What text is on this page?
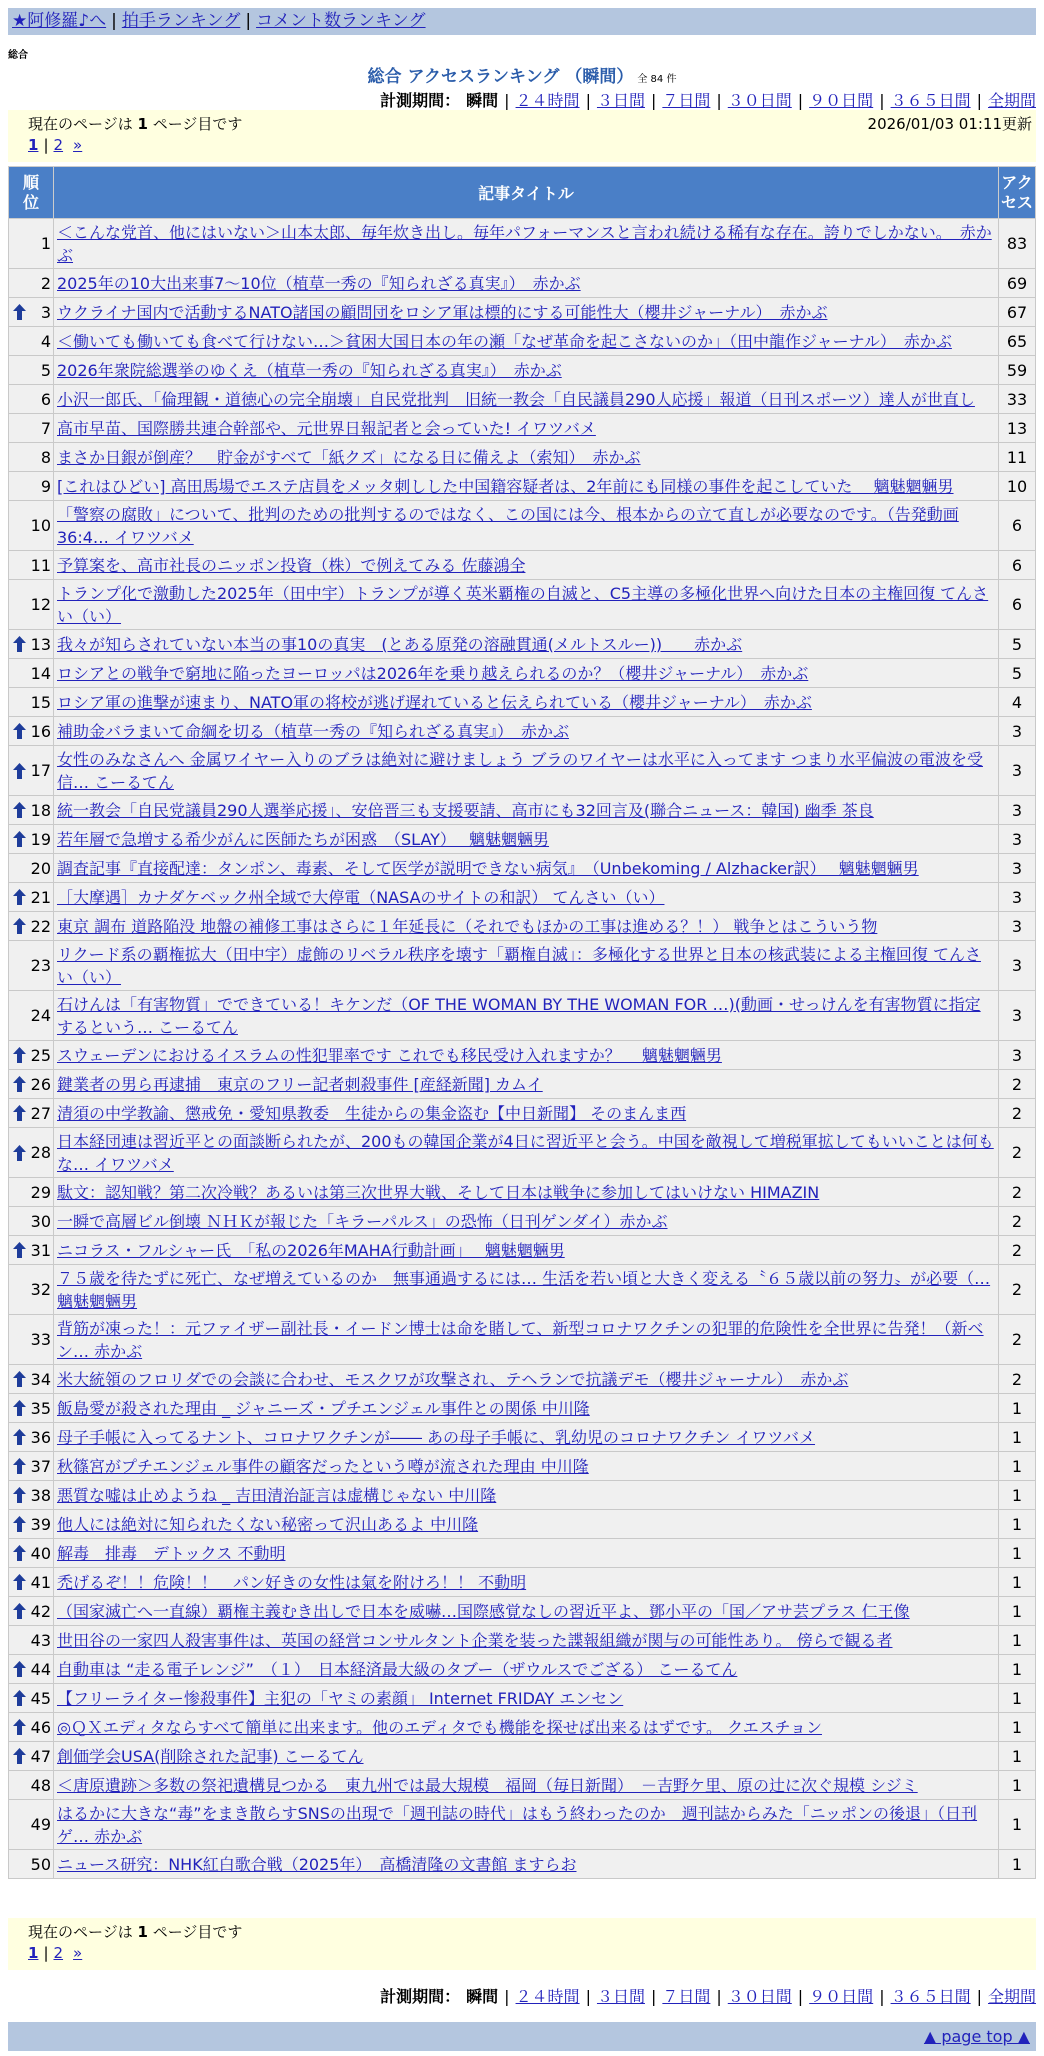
★阿修羅♪へ | 拍手ランキング | コメント数ランキング
総合
総合 アクセスランキング （瞬間） 全 84 件
計測期間： 瞬間 | ２４時間 | ３日間 | ７日間 | ３０日間 | ９０日間 | ３６５日間 | 全期間
現在のページは 1 ページ目です	2026/01/03 01:11更新
1 | 2 »
順位	記事タイトル	アクセス

1	＜こんな党首、他にはいない＞山本太郎、毎年炊き出し。毎年パフォーマンスと言われ続ける稀有な存在。誇りでしかない。　赤かぶ	83
2	2025年の10大出来事7～10位（植草一秀の『知られざる真実』）　赤かぶ	69

3	ウクライナ国内で活動するNATO諸国の顧問団をロシア軍は標的にする可能性大（櫻井ジャーナル）　赤かぶ	67
4	＜働いても働いても食べて行けない…＞貧困大国日本の年の瀬「なぜ革命を起こさないのか」（田中龍作ジャーナル）　赤かぶ	65
5	2026年衆院総選挙のゆくえ（植草一秀の『知られざる真実』）　赤かぶ	59
6	小沢一郎氏、「倫理観・道徳心の完全崩壊」自民党批判　旧統一教会「自民議員290人応援」報道（日刊スポーツ）達人が世直し	33
7	高市早苗、国際勝共連合幹部や、元世界日報記者と会っていた! イワツバメ	13
8	まさか日銀が倒産？　貯金がすべて「紙クズ」になる日に備えよ（索知）　赤かぶ	11
9	[これはひどい] 高田馬場でエステ店員をメッタ刺しした中国籍容疑者は、2年前にも同様の事件を起こしていた　 魑魅魍魎男	10
10	「警察の腐敗」について、批判のための批判するのではなく、この国には今、根本からの立て直しが必要なのです。（告発動画36:4… イワツバメ	6
11	予算案を、高市社長のニッポン投資（株）で例えてみる 佐藤鴻全	6
12	トランプ化で激動した2025年（田中宇）トランプが導く英米覇権の自滅と、C5主導の多極化世界へ向けた日本の主権回復 てんさい（い）	6

13	我々が知らされていない本当の事10の真実　(とある原発の溶融貫通(メルトスルー))　　赤かぶ	5
14	ロシアとの戦争で窮地に陥ったヨーロッパは2026年を乗り越えられるのか？（櫻井ジャーナル）　赤かぶ	5
15	ロシア軍の進撃が速まり、NATO軍の将校が逃げ遅れていると伝えられている（櫻井ジャーナル）　赤かぶ	4

16	補助金バラまいて命綱を切る（植草一秀の『知られざる真実』）　赤かぶ	3

17	女性のみなさんへ 金属ワイヤー入りのブラは絶対に避けましょう ブラのワイヤーは水平に入ってます つまり水平偏波の電波を受信… こーるてん	3

18	統一教会「自民党議員290人選挙応援」、安倍晋三も支援要請、高市にも32回言及(聯合ニュース：韓国) 幽季 茶良	3

19	若年層で急増する希少がんに医師たちが困惑　（SLAY）　 魑魅魍魎男	3
20	調査記事『直接配達：タンポン、毒素、そして医学が説明できない病気』　（Unbekoming / Alzhacker訳）　 魑魅魍魎男	3

21	［大摩遇］カナダケベック州全域で大停電（NASAのサイトの和訳） てんさい（い）	3

22	東京 調布 道路陥没 地盤の補修工事はさらに１年延長に（それでもほかの工事は進める？！） 戦争とはこういう物	3
23	リクード系の覇権拡大（田中宇）虚飾のリベラル秩序を壊す「覇権自滅」：多極化する世界と日本の核武装による主権回復 てんさい（い）	3
24	石けんは「有害物質」でできている！キケンだ（OF THE WOMAN BY THE WOMAN FOR …)(動画・せっけんを有害物質に指定するという… こーるてん	3

25	スウェーデンにおけるイスラムの性犯罪率です これでも移民受け入れますか？　 魑魅魍魎男	3

26	鍵業者の男ら再逮捕　東京のフリー記者刺殺事件 [産経新聞] カムイ	2

27	清須の中学教諭、懲戒免・愛知県教委　生徒からの集金盗む【中日新聞】 そのまんま西	2

28	日本経団連は習近平との面談断られたが、200もの韓国企業が4日に習近平と会う。中国を敵視して増税軍拡してもいいことは何もな… イワツバメ	2
29	駄文：認知戦？第二次冷戦？あるいは第三次世界大戦、そして日本は戦争に参加してはいけない HIMAZIN	2
30	一瞬で高層ビル倒壊 ＮＨＫが報じた「キラーパルス」の恐怖（日刊ゲンダイ）赤かぶ	2

31	ニコラス・フルシャー氏　「私の2026年MAHA行動計画」　 魑魅魍魎男	2
32	７５歳を待たずに死亡、なぜ増えているのか　無事通過するには… 生活を若い頃と大きく変える〝６５歳以前の努力〟が必要（… 魑魅魍魎男	2
33	背筋が凍った！：元ファイザー副社長・イードン博士は命を賭して、新型コロナワクチンの犯罪的危険性を全世界に告発！（新ベン… 赤かぶ	2

34	米大統領のフロリダでの会談に合わせ、モスクワが攻撃され、テヘランで抗議デモ（櫻井ジャーナル）　赤かぶ	2

35	飯島愛が殺された理由 _ ジャニーズ・プチエンジェル事件との関係 中川隆	1

36	母子手帳に入ってるナント、コロナワクチンが―― あの母子手帳に、乳幼児のコロナワクチン イワツバメ	1

37	秋篠宮がプチエンジェル事件の顧客だったという噂が流された理由 中川隆	1

38	悪質な嘘は止めようね _ 吉田清治証言は虚構じゃない 中川隆	1

39	他人には絶対に知られたくない秘密って沢山あるよ 中川隆	1

40	解毒　排毒　デトックス 不動明	1

41	禿げるぞ！！危険！！　パン好きの女性は氣を附けろ！！ 不動明	1

42	（国家滅亡へ一直線）覇権主義むき出しで日本を威嚇…国際感覚なしの習近平よ、鄧小平の「国／アサ芸プラス 仁王像	1
43	世田谷の一家四人殺害事件は、英国の経営コンサルタント企業を装った諜報組織が関与の可能性あり。 傍らで観る者	1

44	自動車は “走る電子レンジ”　（１）　日本経済最大級のタブー（ザウルスでござる） こーるてん	1

45	【フリーライター惨殺事件】主犯の「ヤミの素顔」 Internet FRIDAY エンセン	1

46	◎ＱＸエディタならすべて簡単に出来ます。他のエディタでも機能を探せば出来るはずです。 クエスチョン	1

47	創価学会USA(削除された記事) こーるてん	1
48	＜唐原遺跡＞多数の祭祀遺構見つかる　東九州では最大規模　福岡（毎日新聞）　－吉野ケ里、原の辻に次ぐ規模 シジミ	1
49	はるかに大きな“毒”をまき散らすSNSの出現で「週刊誌の時代」はもう終わったのか　週刊誌からみた「ニッポンの後退」（日刊ゲ… 赤かぶ	1
50	ニュース研究：NHK紅白歌合戦（2025年）　高橋清隆の文書館 ますらお	1
現在のページは 1 ページ目です
1 | 2 »
計測期間： 瞬間 | ２４時間 | ３日間 | ７日間 | ３０日間 | ９０日間 | ３６５日間 | 全期間
▲ page top ▲
